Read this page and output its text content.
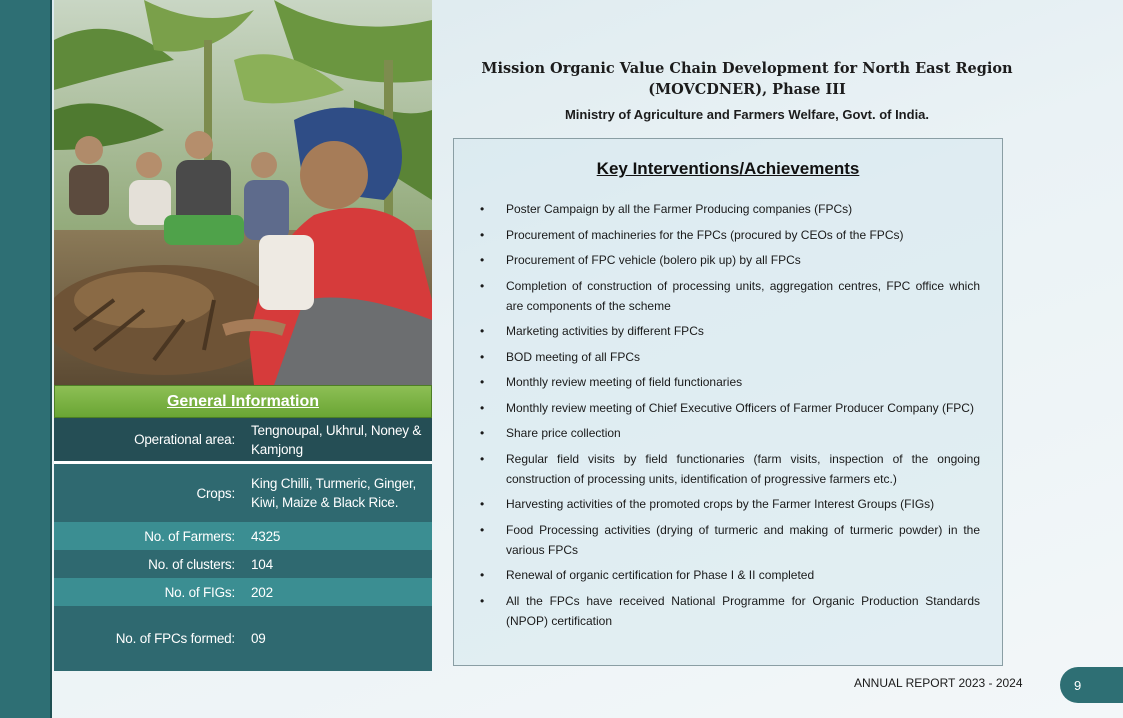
General Information
Operational area:
Tengnoupal, Ukhrul, Noney & Kamjong
Crops:
King Chilli, Turmeric, Ginger, Kiwi, Maize & Black Rice.
No. of Farmers:	4325
No. of clusters:	104
No. of FIGs:	202
No. of FPCs formed:	09
Mission Organic Value Chain Development for North East Region
(MOVCDNER), Phase III
Ministry of Agriculture and Farmers Welfare, Govt. of India.
Key Interventions/Achievements
• Poster Campaign by all the Farmer Producing companies (FPCs)
• Procurement of machineries for the FPCs (procured by CEOs of the FPCs)
• Procurement of FPC vehicle (bolero pik up) by all FPCs
• Completion of construction of processing units, aggregation centres, FPC office which are components of the scheme
• Marketing activities by different FPCs
• BOD meeting of all FPCs
• Monthly review meeting of field functionaries
• Monthly review meeting of Chief Executive Officers of Farmer Producer Company (FPC)
• Share price collection
• Regular field visits by field functionaries (farm visits, inspection of the ongoing construction of processing units, identification of progressive farmers etc.)
• Harvesting activities of the promoted crops by the Farmer Interest Groups (FIGs)
• Food Processing activities (drying of turmeric and making of turmeric powder) in the various FPCs
• Renewal of organic certification for Phase I & II completed
• All the FPCs have received National Programme for Organic Production Standards (NPOP) certification
ANNUAL REPORT 2023 - 2024	9
